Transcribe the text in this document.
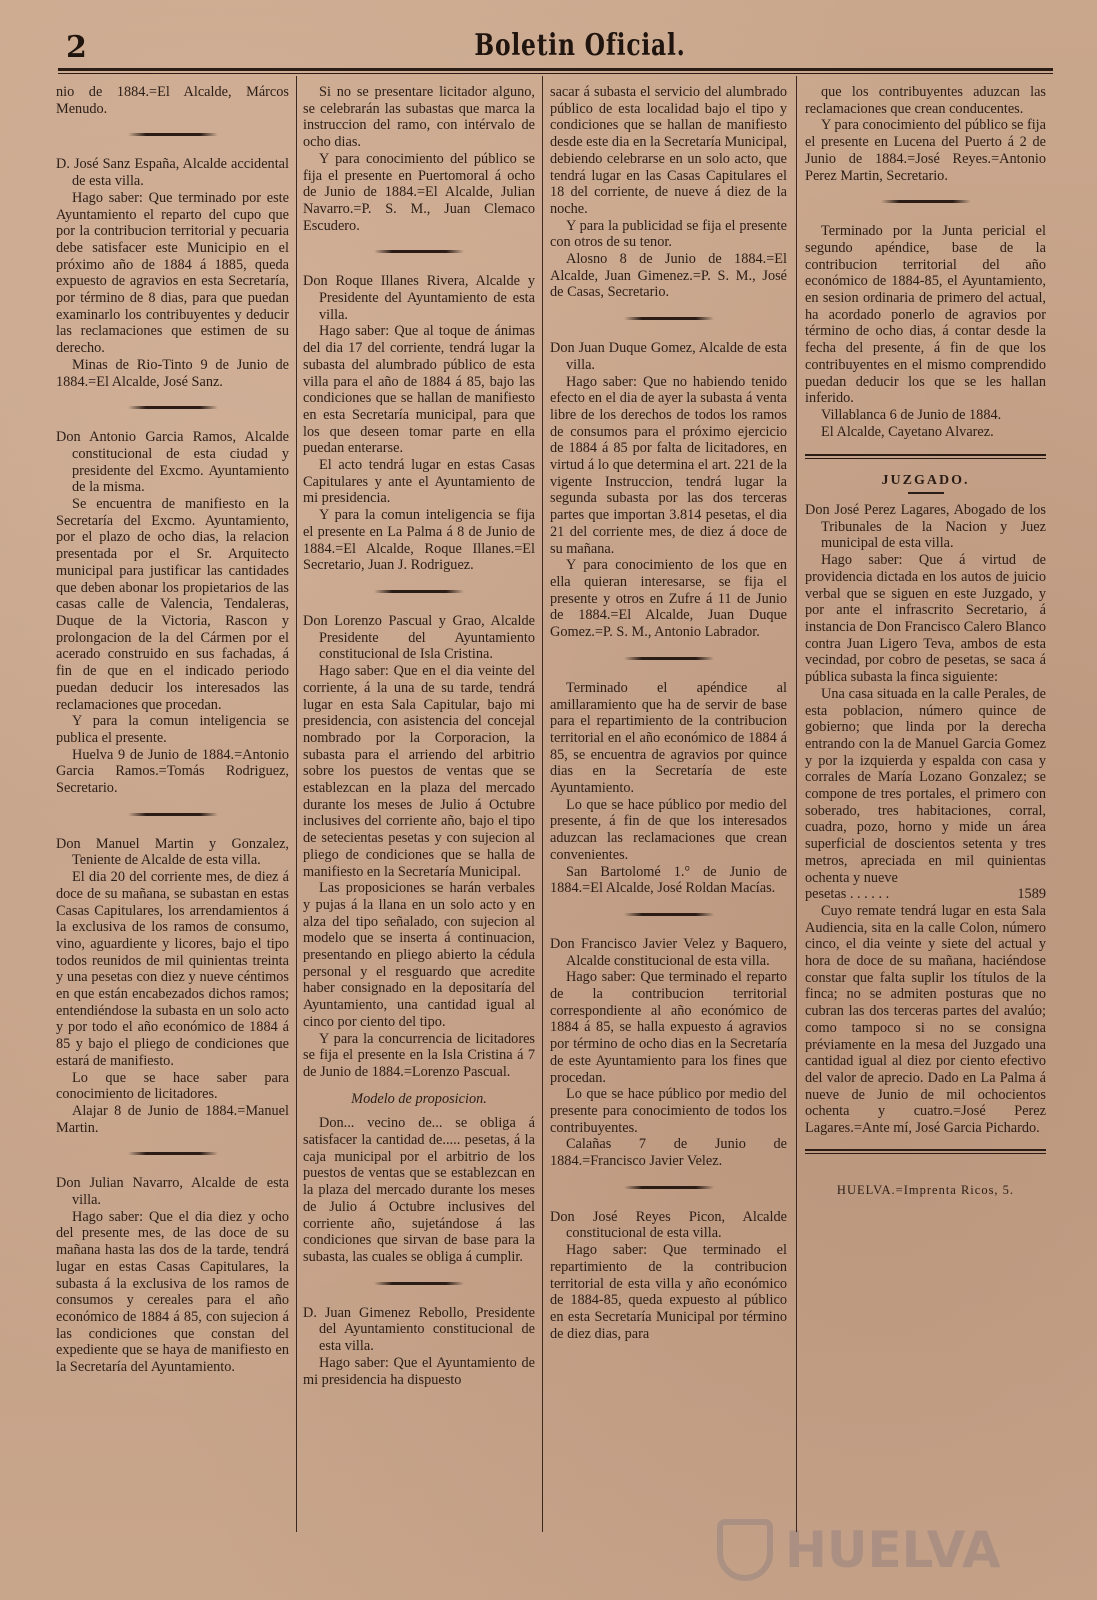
2	Boletin Oficial.

nio de 1884.=El Alcalde, Márcos Menudo.

D. José Sanz España, Alcalde accidental de esta villa.

Hago saber: Que terminado por este Ayuntamiento el reparto del cupo que por la contribucion territorial y pecuaria debe satisfacer este Municipio en el próximo año de 1884 á 1885, queda expuesto de agravios en esta Secretaría, por término de 8 dias, para que puedan examinarlo los contribuyentes y deducir las reclamaciones que estimen de su derecho.

Minas de Rio-Tinto 9 de Junio de 1884.=El Alcalde, José Sanz.

Don Antonio Garcia Ramos, Alcalde constitucional de esta ciudad y presidente del Excmo. Ayuntamiento de la misma.

Se encuentra de manifiesto en la Secretaría del Excmo. Ayuntamiento, por el plazo de ocho dias, la relacion presentada por el Sr. Arquitecto municipal para justificar las cantidades que deben abonar los propietarios de las casas calle de Valencia, Tendaleras, Duque de la Victoria, Rascon y prolongacion de la del Cármen por el acerado construido en sus fachadas, á fin de que en el indicado periodo puedan deducir los interesados las reclamaciones que procedan.

Y para la comun inteligencia se publica el presente.

Huelva 9 de Junio de 1884.=Antonio Garcia Ramos.=Tomás Rodriguez, Secretario.

Don Manuel Martin y Gonzalez, Teniente de Alcalde de esta villa.

El dia 20 del corriente mes, de diez á doce de su mañana, se subastan en estas Casas Capitulares, los arrendamientos á la exclusiva de los ramos de consumo, vino, aguardiente y licores, bajo el tipo todos reunidos de mil quinientas treinta y una pesetas con diez y nueve céntimos en que están encabezados dichos ramos; entendiéndose la subasta en un solo acto y por todo el año económico de 1884 á 85 y bajo el pliego de condiciones que estará de manifiesto.

Lo que se hace saber para conocimiento de licitadores.

Alajar 8 de Junio de 1884.=Manuel Martin.

Don Julian Navarro, Alcalde de esta villa.

Hago saber: Que el dia diez y ocho del presente mes, de las doce de su mañana hasta las dos de la tarde, tendrá lugar en estas Casas Capitulares, la subasta á la exclusiva de los ramos de consumos y cereales para el año económico de 1884 á 85, con sujecion á las condiciones que constan del expediente que se haya de manifiesto en la Secretaría del Ayuntamiento.

Si no se presentare licitador alguno, se celebrarán las subastas que marca la instruccion del ramo, con intérvalo de ocho dias.

Y para conocimiento del público se fija el presente en Puertomoral á ocho de Junio de 1884.=El Alcalde, Julian Navarro.=P. S. M., Juan Clemaco Escudero.

Don Roque Illanes Rivera, Alcalde y Presidente del Ayuntamiento de esta villa.

Hago saber: Que al toque de ánimas del dia 17 del corriente, tendrá lugar la subasta del alumbrado público de esta villa para el año de 1884 á 85, bajo las condiciones que se hallan de manifiesto en esta Secretaría municipal, para que los que deseen tomar parte en ella puedan enterarse.

El acto tendrá lugar en estas Casas Capitulares y ante el Ayuntamiento de mi presidencia.

Y para la comun inteligencia se fija el presente en La Palma á 8 de Junio de 1884.=El Alcalde, Roque Illanes.=El Secretario, Juan J. Rodriguez.

Don Lorenzo Pascual y Grao, Alcalde Presidente del Ayuntamiento constitucional de Isla Cristina.

Hago saber: Que en el dia veinte del corriente, á la una de su tarde, tendrá lugar en esta Sala Capitular, bajo mi presidencia, con asistencia del concejal nombrado por la Corporacion, la subasta para el arriendo del arbitrio sobre los puestos de ventas que se establezcan en la plaza del mercado durante los meses de Julio á Octubre inclusives del corriente año, bajo el tipo de setecientas pesetas y con sujecion al pliego de condiciones que se halla de manifiesto en la Secretaría Municipal.

Las proposiciones se harán verbales y pujas á la llana en un solo acto y en alza del tipo señalado, con sujecion al modelo que se inserta á continuacion, presentando en pliego abierto la cédula personal y el resguardo que acredite haber consignado en la depositaría del Ayuntamiento, una cantidad igual al cinco por ciento del tipo.

Y para la concurrencia de licitadores se fija el presente en la Isla Cristina á 7 de Junio de 1884.=Lorenzo Pascual.

Modelo de proposicion.

Don... vecino de... se obliga á satisfacer la cantidad de..... pesetas, á la caja municipal por el arbitrio de los puestos de ventas que se establezcan en la plaza del mercado durante los meses de Julio á Octubre inclusives del corriente año, sujetándose á las condiciones que sirvan de base para la subasta, las cuales se obliga á cumplir.

D. Juan Gimenez Rebollo, Presidente del Ayuntamiento constitucional de esta villa.

Hago saber: Que el Ayuntamiento de mi presidencia ha dispuesto

sacar á subasta el servicio del alumbrado público de esta localidad bajo el tipo y condiciones que se hallan de manifiesto desde este dia en la Secretaría Municipal, debiendo celebrarse en un solo acto, que tendrá lugar en las Casas Capitulares el 18 del corriente, de nueve á diez de la noche.

Y para la publicidad se fija el presente con otros de su tenor.

Alosno 8 de Junio de 1884.=El Alcalde, Juan Gimenez.=P. S. M., José de Casas, Secretario.

Don Juan Duque Gomez, Alcalde de esta villa.

Hago saber: Que no habiendo tenido efecto en el dia de ayer la subasta á venta libre de los derechos de todos los ramos de consumos para el próximo ejercicio de 1884 á 85 por falta de licitadores, en virtud á lo que determina el art. 221 de la vigente Instruccion, tendrá lugar la segunda subasta por las dos terceras partes que importan 3.814 pesetas, el dia 21 del corriente mes, de diez á doce de su mañana.

Y para conocimiento de los que en ella quieran interesarse, se fija el presente y otros en Zufre á 11 de Junio de 1884.=El Alcalde, Juan Duque Gomez.=P. S. M., Antonio Labrador.

Terminado el apéndice al amillaramiento que ha de servir de base para el repartimiento de la contribucion territorial en el año económico de 1884 á 85, se encuentra de agravios por quince dias en la Secretaría de este Ayuntamiento.

Lo que se hace público por medio del presente, á fin de que los interesados aduzcan las reclamaciones que crean convenientes.

San Bartolomé 1.° de Junio de 1884.=El Alcalde, José Roldan Macías.

Don Francisco Javier Velez y Baquero, Alcalde constitucional de esta villa.

Hago saber: Que terminado el reparto de la contribucion territorial correspondiente al año económico de 1884 á 85, se halla expuesto á agravios por término de ocho dias en la Secretaría de este Ayuntamiento para los fines que procedan.

Lo que se hace público por medio del presente para conocimiento de todos los contribuyentes.

Calañas 7 de Junio de 1884.=Francisco Javier Velez.

Don José Reyes Picon, Alcalde constitucional de esta villa.

Hago saber: Que terminado el repartimiento de la contribucion territorial de esta villa y año económico de 1884-85, queda expuesto al público en esta Secretaría Municipal por término de diez dias, para

que los contribuyentes aduzcan las reclamaciones que crean conducentes.

Y para conocimiento del público se fija el presente en Lucena del Puerto á 2 de Junio de 1884.=José Reyes.=Antonio Perez Martin, Secretario.

Terminado por la Junta pericial el segundo apéndice, base de la contribucion territorial del año económico de 1884-85, el Ayuntamiento, en sesion ordinaria de primero del actual, ha acordado ponerlo de agravios por término de ocho dias, á contar desde la fecha del presente, á fin de que los contribuyentes en el mismo comprendido puedan deducir los que se les hallan inferido.

Villablanca 6 de Junio de 1884.

El Alcalde, Cayetano Alvarez.

JUZGADO.
Don José Perez Lagares, Abogado de los Tribunales de la Nacion y Juez municipal de esta villa.

Hago saber: Que á virtud de providencia dictada en los autos de juicio verbal que se siguen en este Juzgado, y por ante el infrascrito Secretario, á instancia de Don Francisco Calero Blanco contra Juan Ligero Teva, ambos de esta vecindad, por cobro de pesetas, se saca á pública subasta la finca siguiente:

Una casa situada en la calle Perales, de esta poblacion, número quince de gobierno; que linda por la derecha entrando con la de Manuel Garcia Gomez y por la izquierda y espalda con casa y corrales de María Lozano Gonzalez; se compone de tres portales, el primero con soberado, tres habitaciones, corral, cuadra, pozo, horno y mide un área superficial de doscientos setenta y tres metros, apreciada en mil quinientas ochenta y nueve

pesetas . . . . . .	1589

Cuyo remate tendrá lugar en esta Sala Audiencia, sita en la calle Colon, número cinco, el dia veinte y siete del actual y hora de doce de su mañana, haciéndose constar que falta suplir los títulos de la finca; no se admiten posturas que no cubran las dos terceras partes del avalúo; como tampoco si no se consigna préviamente en la mesa del Juzgado una cantidad igual al diez por ciento efectivo del valor de aprecio. Dado en La Palma á nueve de Junio de mil ochocientos ochenta y cuatro.=José Perez Lagares.=Ante mí, José Garcia Pichardo.

HUELVA.=Imprenta Ricos, 5.
HUELVA
